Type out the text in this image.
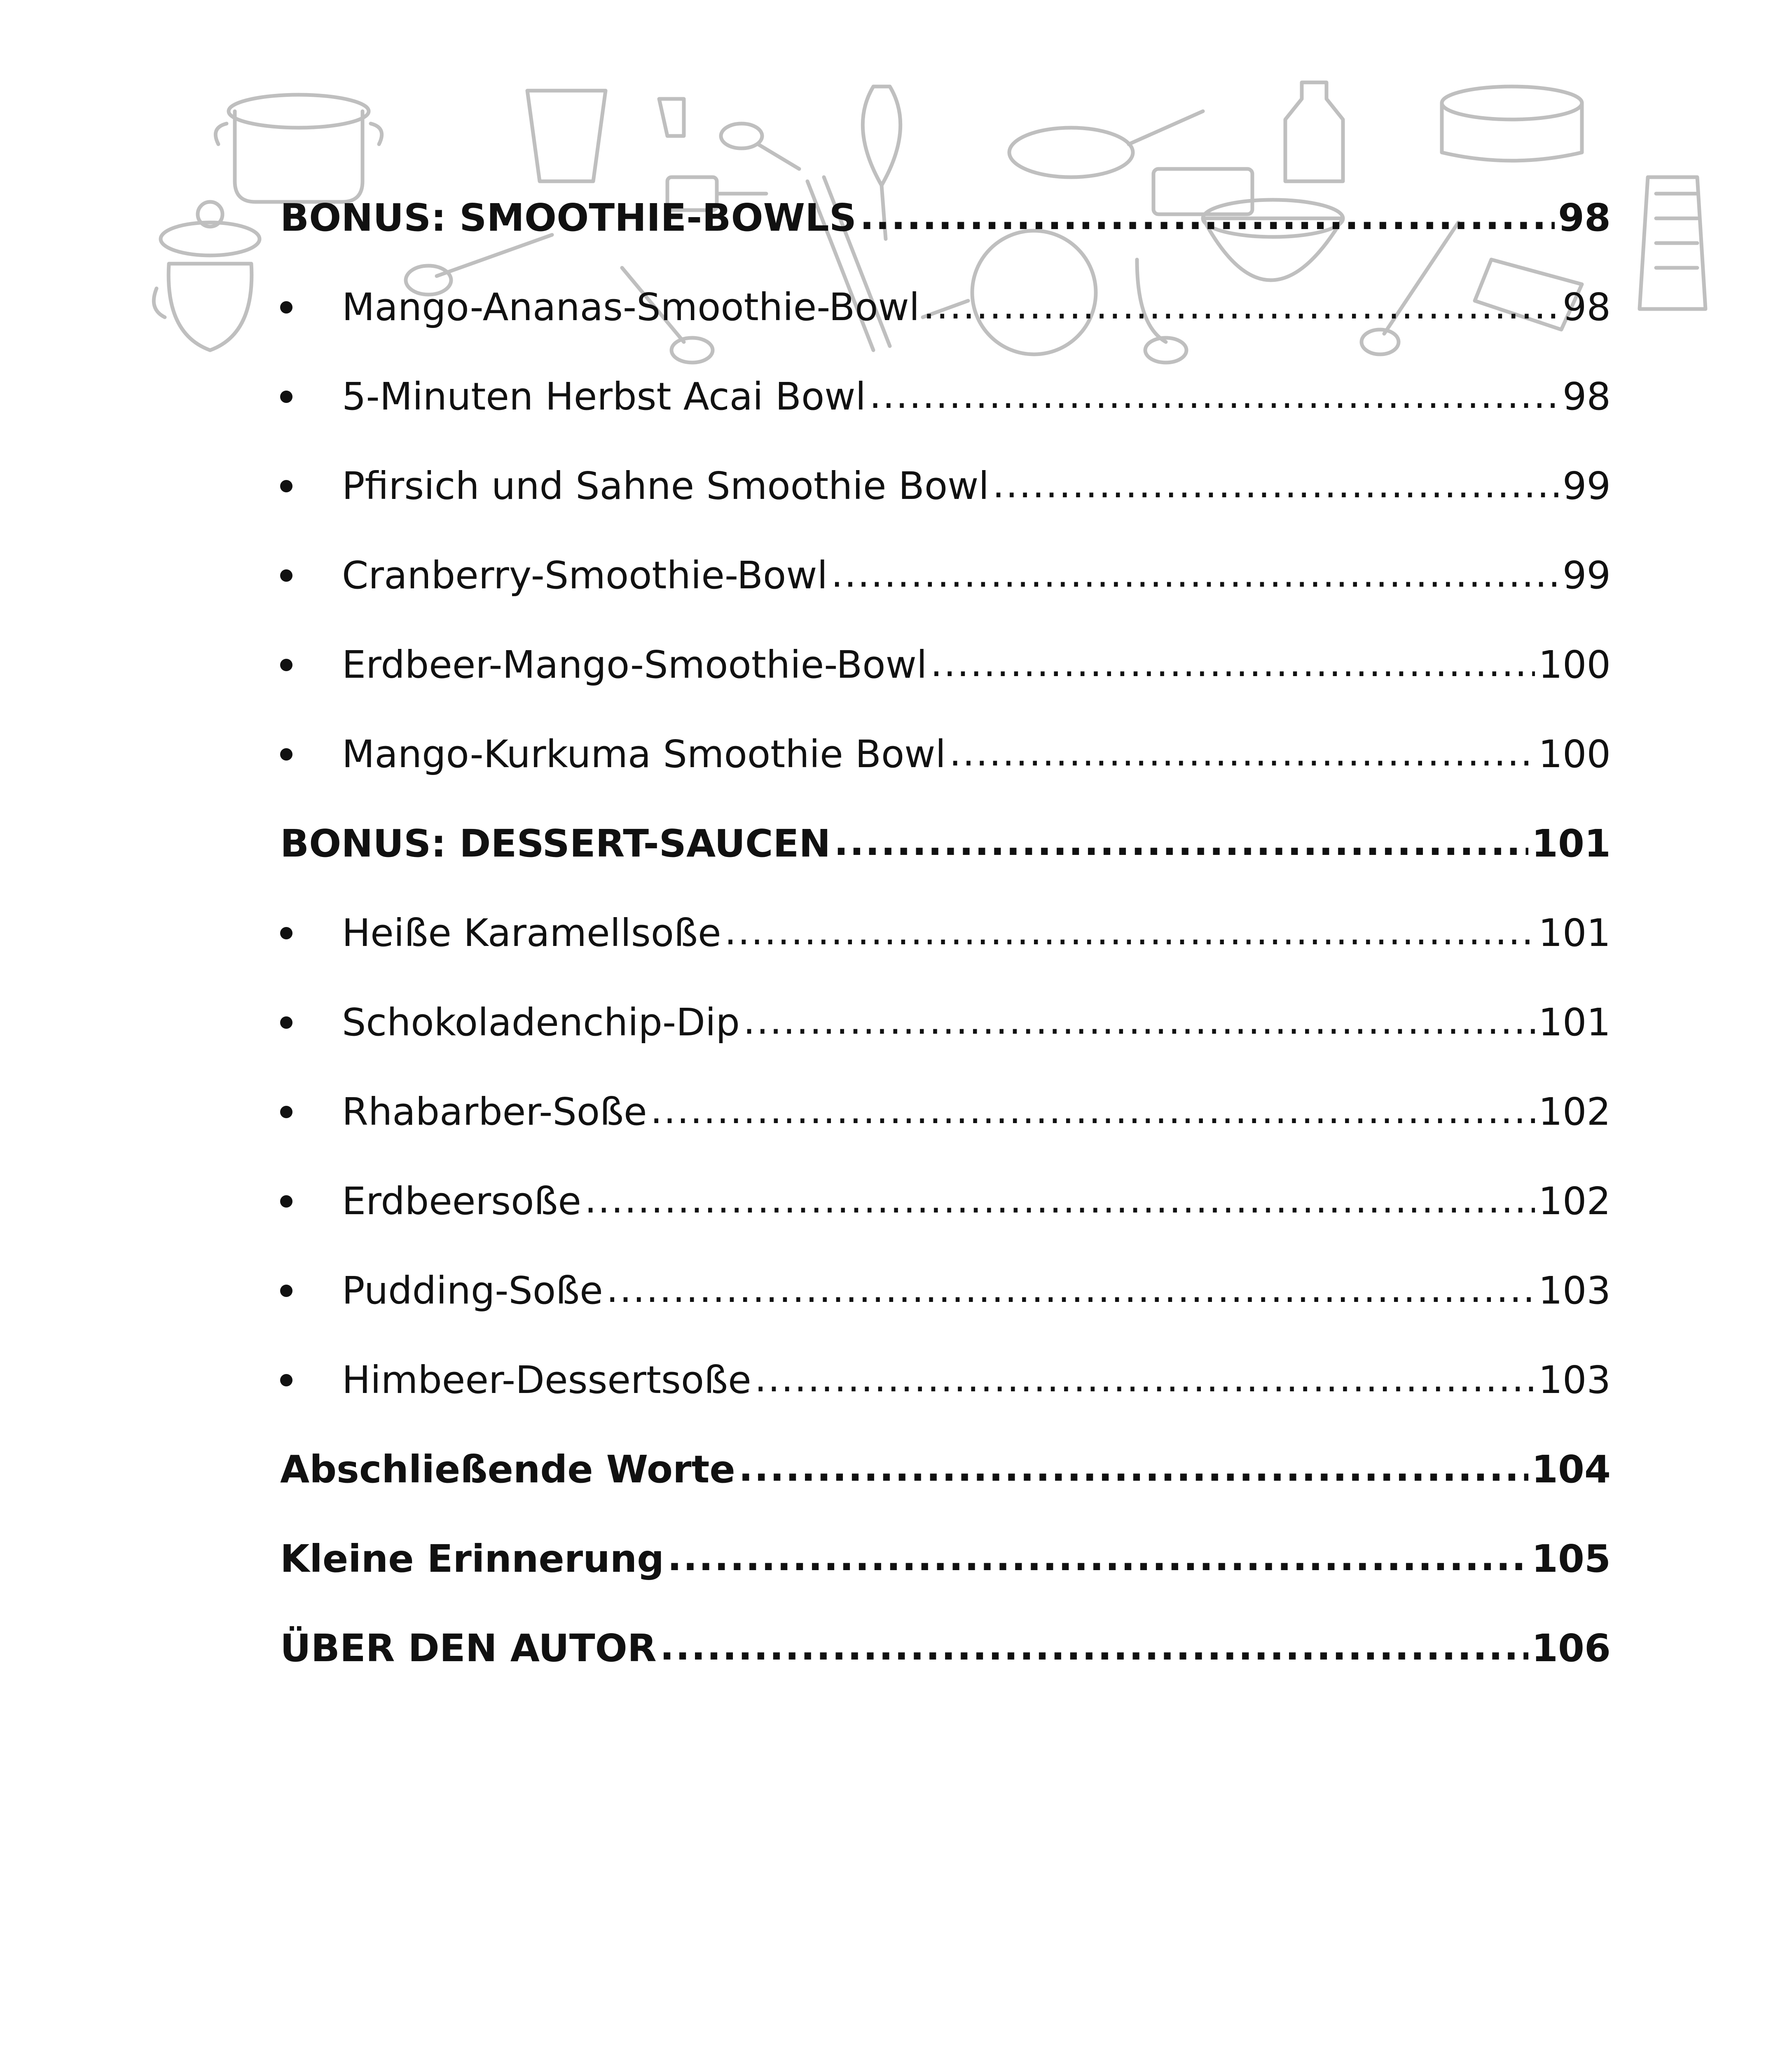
BONUS: SMOOTHIE-BOWLS .....	98
Mango-Ananas-Smoothie-Bowl .....	98
5-Minuten Herbst Acai Bowl .....	98
Pfirsich und Sahne Smoothie Bowl .....	99
Cranberry-Smoothie-Bowl .....	99
Erdbeer-Mango-Smoothie-Bowl .....	100
Mango-Kurkuma Smoothie Bowl .....	100
BONUS: DESSERT-SAUCEN .....	101
Heiße Karamellsoße .....	101
Schokoladenchip-Dip .....	101
Rhabarber-Soße .....	102
Erdbeersoße .....	102
Pudding-Soße .....	103
Himbeer-Dessertsoße .....	103
Abschließende Worte .....	104
Kleine Erinnerung .....	105
ÜBER DEN AUTOR .....	106
